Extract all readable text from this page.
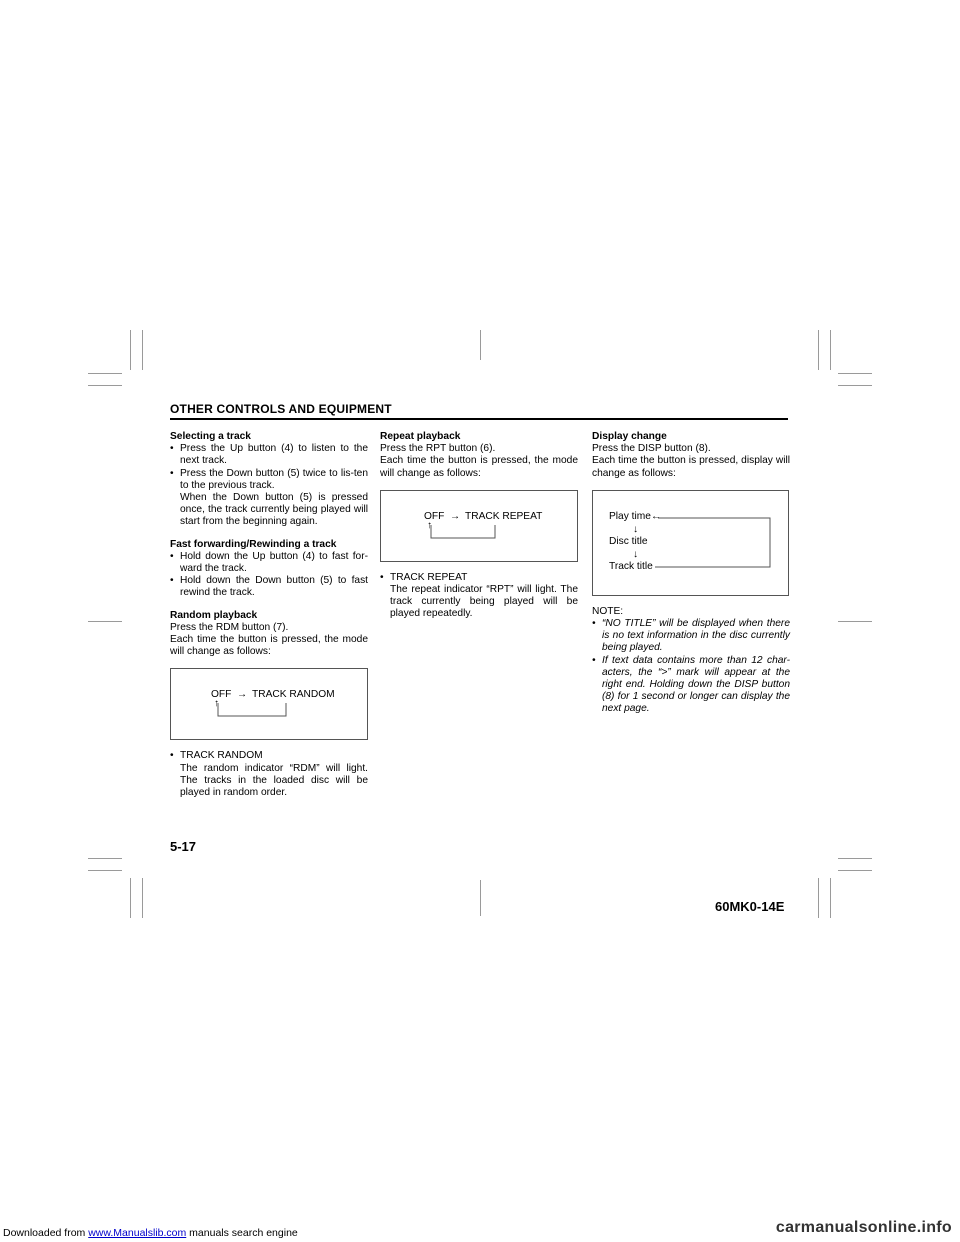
OTHER CONTROLS AND EQUIPMENT

Selecting a track

• Press the Up button (4) to listen to the next track.

• Press the Down button (5) twice to lis-ten to the previous track.

When the Down button (5) is pressed once, the track currently being played will start from the beginning again.

Fast forwarding/Rewinding a track

• Hold down the Up button (4) to fast for-ward the track.

• Hold down the Down button (5) to fast rewind the track.

Random playback

Press the RDM button (7).

Each time the button is pressed, the mode will change as follows:

OFF → TRACK RANDOM
↑

• TRACK RANDOM

The random indicator “RDM” will light. The tracks in the loaded disc will be played in random order.

Repeat playback

Press the RPT button (6).

Each time the button is pressed, the mode will change as follows:

OFF → TRACK REPEAT
↑

• TRACK REPEAT

The repeat indicator “RPT” will light. The track currently being played will be played repeatedly.

Display change

Press the DISP button (8).

Each time the button is pressed, display will change as follows:

Play time ←
↓
Disc title
↓
Track title

NOTE:

• “NO TITLE” will be displayed when there is no text information in the disc currently being played.

• If text data contains more than 12 char-acters, the “>” mark will appear at the right end. Holding down the DISP button (8) for 1 second or longer can display the next page.

5-17
60MK0-14E
Downloaded from www.Manualslib.com manuals search engine	carmanualsonline.info
